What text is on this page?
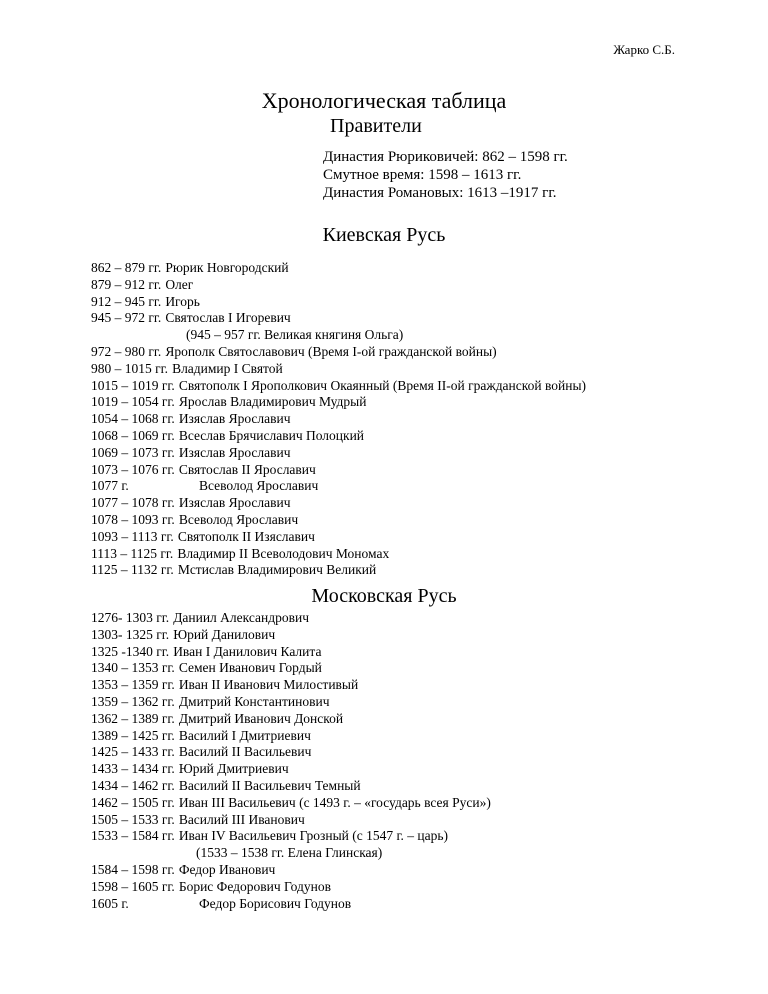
Жарко С.Б.
Хронологическая таблица
Правители
Династия Рюриковичей: 862 – 1598 гг.
Смутное время: 1598 – 1613 гг.
Династия Романовых: 1613 –1917 гг.
Киевская Русь
862 – 879 гг. Рюрик Новгородский
879 – 912 гг. Олег
912 – 945 гг. Игорь
945 – 972 гг. Святослав I Игоревич
(945 – 957 гг. Великая княгиня Ольга)
972 – 980 гг. Ярополк Святославович (Время I-ой гражданской войны)
980 – 1015 гг. Владимир I Святой
1015 – 1019 гг. Святополк I Ярополкович Окаянный (Время II-ой гражданской войны)
1019 – 1054 гг. Ярослав Владимирович Мудрый
1054 – 1068 гг. Изяслав Ярославич
1068 – 1069 гг. Всеслав Брячиславич Полоцкий
1069 – 1073 гг. Изяслав Ярославич
1073 – 1076 гг. Святослав II Ярославич
1077 г.	Всеволод Ярославич
1077 – 1078 гг. Изяслав Ярославич
1078 – 1093 гг. Всеволод Ярославич
1093 – 1113 гг. Святополк II Изяславич
1113 – 1125 гг. Владимир II Всеволодович Мономах
1125 – 1132 гг. Мстислав Владимирович Великий
Московская Русь
1276- 1303 гг. Даниил Александрович
1303- 1325 гг. Юрий Данилович
1325 -1340 гг. Иван I Данилович Калита
1340 – 1353 гг. Семен Иванович Гордый
1353 – 1359 гг. Иван II Иванович Милостивый
1359 – 1362 гг. Дмитрий Константинович
1362 – 1389 гг. Дмитрий Иванович Донской
1389 – 1425 гг. Василий I Дмитриевич
1425 – 1433 гг. Василий II Васильевич
1433 – 1434 гг. Юрий Дмитриевич
1434 – 1462 гг. Василий II Васильевич Темный
1462 – 1505 гг. Иван III Васильевич (с 1493 г. – «государь всея Руси»)
1505 – 1533 гг. Василий III Иванович
1533 – 1584 гг. Иван IV Васильевич Грозный (с 1547 г. – царь)
(1533 – 1538 гг. Елена Глинская)
1584 – 1598 гг. Федор Иванович
1598 – 1605 гг. Борис Федорович Годунов
1605 г.	Федор Борисович Годунов
